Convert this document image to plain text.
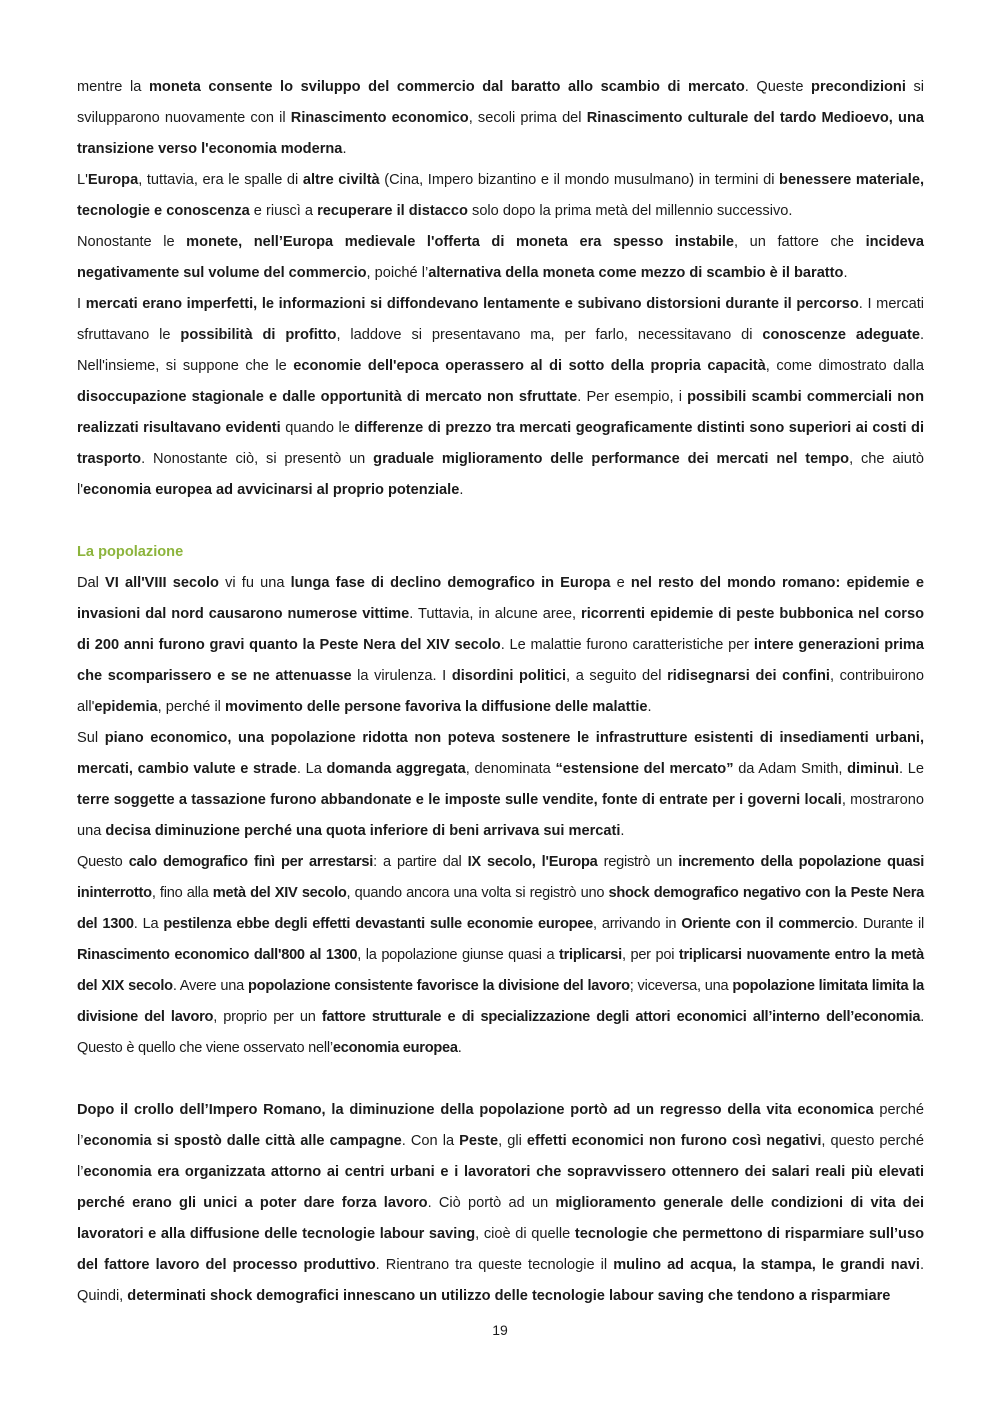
mentre la moneta consente lo sviluppo del commercio dal baratto allo scambio di mercato. Queste precondizioni si svilupparono nuovamente con il Rinascimento economico, secoli prima del Rinascimento culturale del tardo Medioevo, una transizione verso l'economia moderna.

L'Europa, tuttavia, era le spalle di altre civiltà (Cina, Impero bizantino e il mondo musulmano) in termini di benessere materiale, tecnologie e conoscenza e riuscì a recuperare il distacco solo dopo la prima metà del millennio successivo.

Nonostante le monete, nell’Europa medievale l'offerta di moneta era spesso instabile, un fattore che incideva negativamente sul volume del commercio, poiché l’alternativa della moneta come mezzo di scambio è il baratto.

I mercati erano imperfetti, le informazioni si diffondevano lentamente e subivano distorsioni durante il percorso. I mercati sfruttavano le possibilità di profitto, laddove si presentavano ma, per farlo, necessitavano di conoscenze adeguate. Nell'insieme, si suppone che le economie dell'epoca operassero al di sotto della propria capacità, come dimostrato dalla disoccupazione stagionale e dalle opportunità di mercato non sfruttate. Per esempio, i possibili scambi commerciali non realizzati risultavano evidenti quando le differenze di prezzo tra mercati geograficamente distinti sono superiori ai costi di trasporto. Nonostante ciò, si presentò un graduale miglioramento delle performance dei mercati nel tempo, che aiutò l'economia europea ad avvicinarsi al proprio potenziale.

La popolazione

Dal VI all'VIII secolo vi fu una lunga fase di declino demografico in Europa e nel resto del mondo romano: epidemie e invasioni dal nord causarono numerose vittime. Tuttavia, in alcune aree, ricorrenti epidemie di peste bubbonica nel corso di 200 anni furono gravi quanto la Peste Nera del XIV secolo. Le malattie furono caratteristiche per intere generazioni prima che scomparissero e se ne attenuasse la virulenza. I disordini politici, a seguito del ridisegnarsi dei confini, contribuirono all'epidemia, perché il movimento delle persone favoriva la diffusione delle malattie.

Sul piano economico, una popolazione ridotta non poteva sostenere le infrastrutture esistenti di insediamenti urbani, mercati, cambio valute e strade. La domanda aggregata, denominata “estensione del mercato” da Adam Smith, diminuì. Le terre soggette a tassazione furono abbandonate e le imposte sulle vendite, fonte di entrate per i governi locali, mostrarono una decisa diminuzione perché una quota inferiore di beni arrivava sui mercati.

Questo calo demografico finì per arrestarsi: a partire dal IX secolo, l'Europa registrò un incremento della popolazione quasi ininterrotto, fino alla metà del XIV secolo, quando ancora una volta si registrò uno shock demografico negativo con la Peste Nera del 1300. La pestilenza ebbe degli effetti devastanti sulle economie europee, arrivando in Oriente con il commercio. Durante il Rinascimento economico dall'800 al 1300, la popolazione giunse quasi a triplicarsi, per poi triplicarsi nuovamente entro la metà del XIX secolo. Avere una popolazione consistente favorisce la divisione del lavoro; viceversa, una popolazione limitata limita la divisione del lavoro, proprio per un fattore strutturale e di specializzazione degli attori economici all’interno dell’economia. Questo è quello che viene osservato nell’economia europea.

Dopo il crollo dell’Impero Romano, la diminuzione della popolazione portò ad un regresso della vita economica perché l’economia si spostò dalle città alle campagne. Con la Peste, gli effetti economici non furono così negativi, questo perché l’economia era organizzata attorno ai centri urbani e i lavoratori che sopravvissero ottennero dei salari reali più elevati perché erano gli unici a poter dare forza lavoro. Ciò portò ad un miglioramento generale delle condizioni di vita dei lavoratori e alla diffusione delle tecnologie labour saving, cioè di quelle tecnologie che permettono di risparmiare sull’uso del fattore lavoro del processo produttivo. Rientrano tra queste tecnologie il mulino ad acqua, la stampa, le grandi navi. Quindi, determinati shock demografici innescano un utilizzo delle tecnologie labour saving che tendono a risparmiare

19
